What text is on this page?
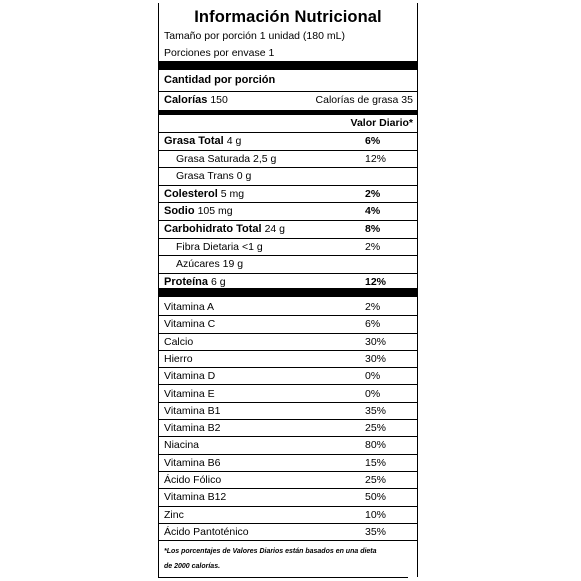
Información Nutricional
Tamaño por porción 1 unidad (180 mL)
Porciones por envase 1
Cantidad por porción
Calorías 150	Calorías de grasa 35
Valor Diario*
Grasa Total 4 g	6%
Grasa Saturada 2,5 g	12%
Grasa Trans 0 g
Colesterol 5 mg	2%
Sodio 105 mg	4%
Carbohidrato Total 24 g	8%
Fibra Dietaria <1 g	2%
Azúcares 19 g
Proteína 6 g	12%
Vitamina A	2%
Vitamina C	6%
Calcio	30%
Hierro	30%
Vitamina D	0%
Vitamina E	0%
Vitamina B1	35%
Vitamina B2	25%
Niacina	80%
Vitamina B6	15%
Ácido Fólico	25%
Vitamina B12	50%
Zinc	10%
Ácido Pantoténico	35%
*Los porcentajes de Valores Diarios están basados en una dieta
de 2000 calorías.
